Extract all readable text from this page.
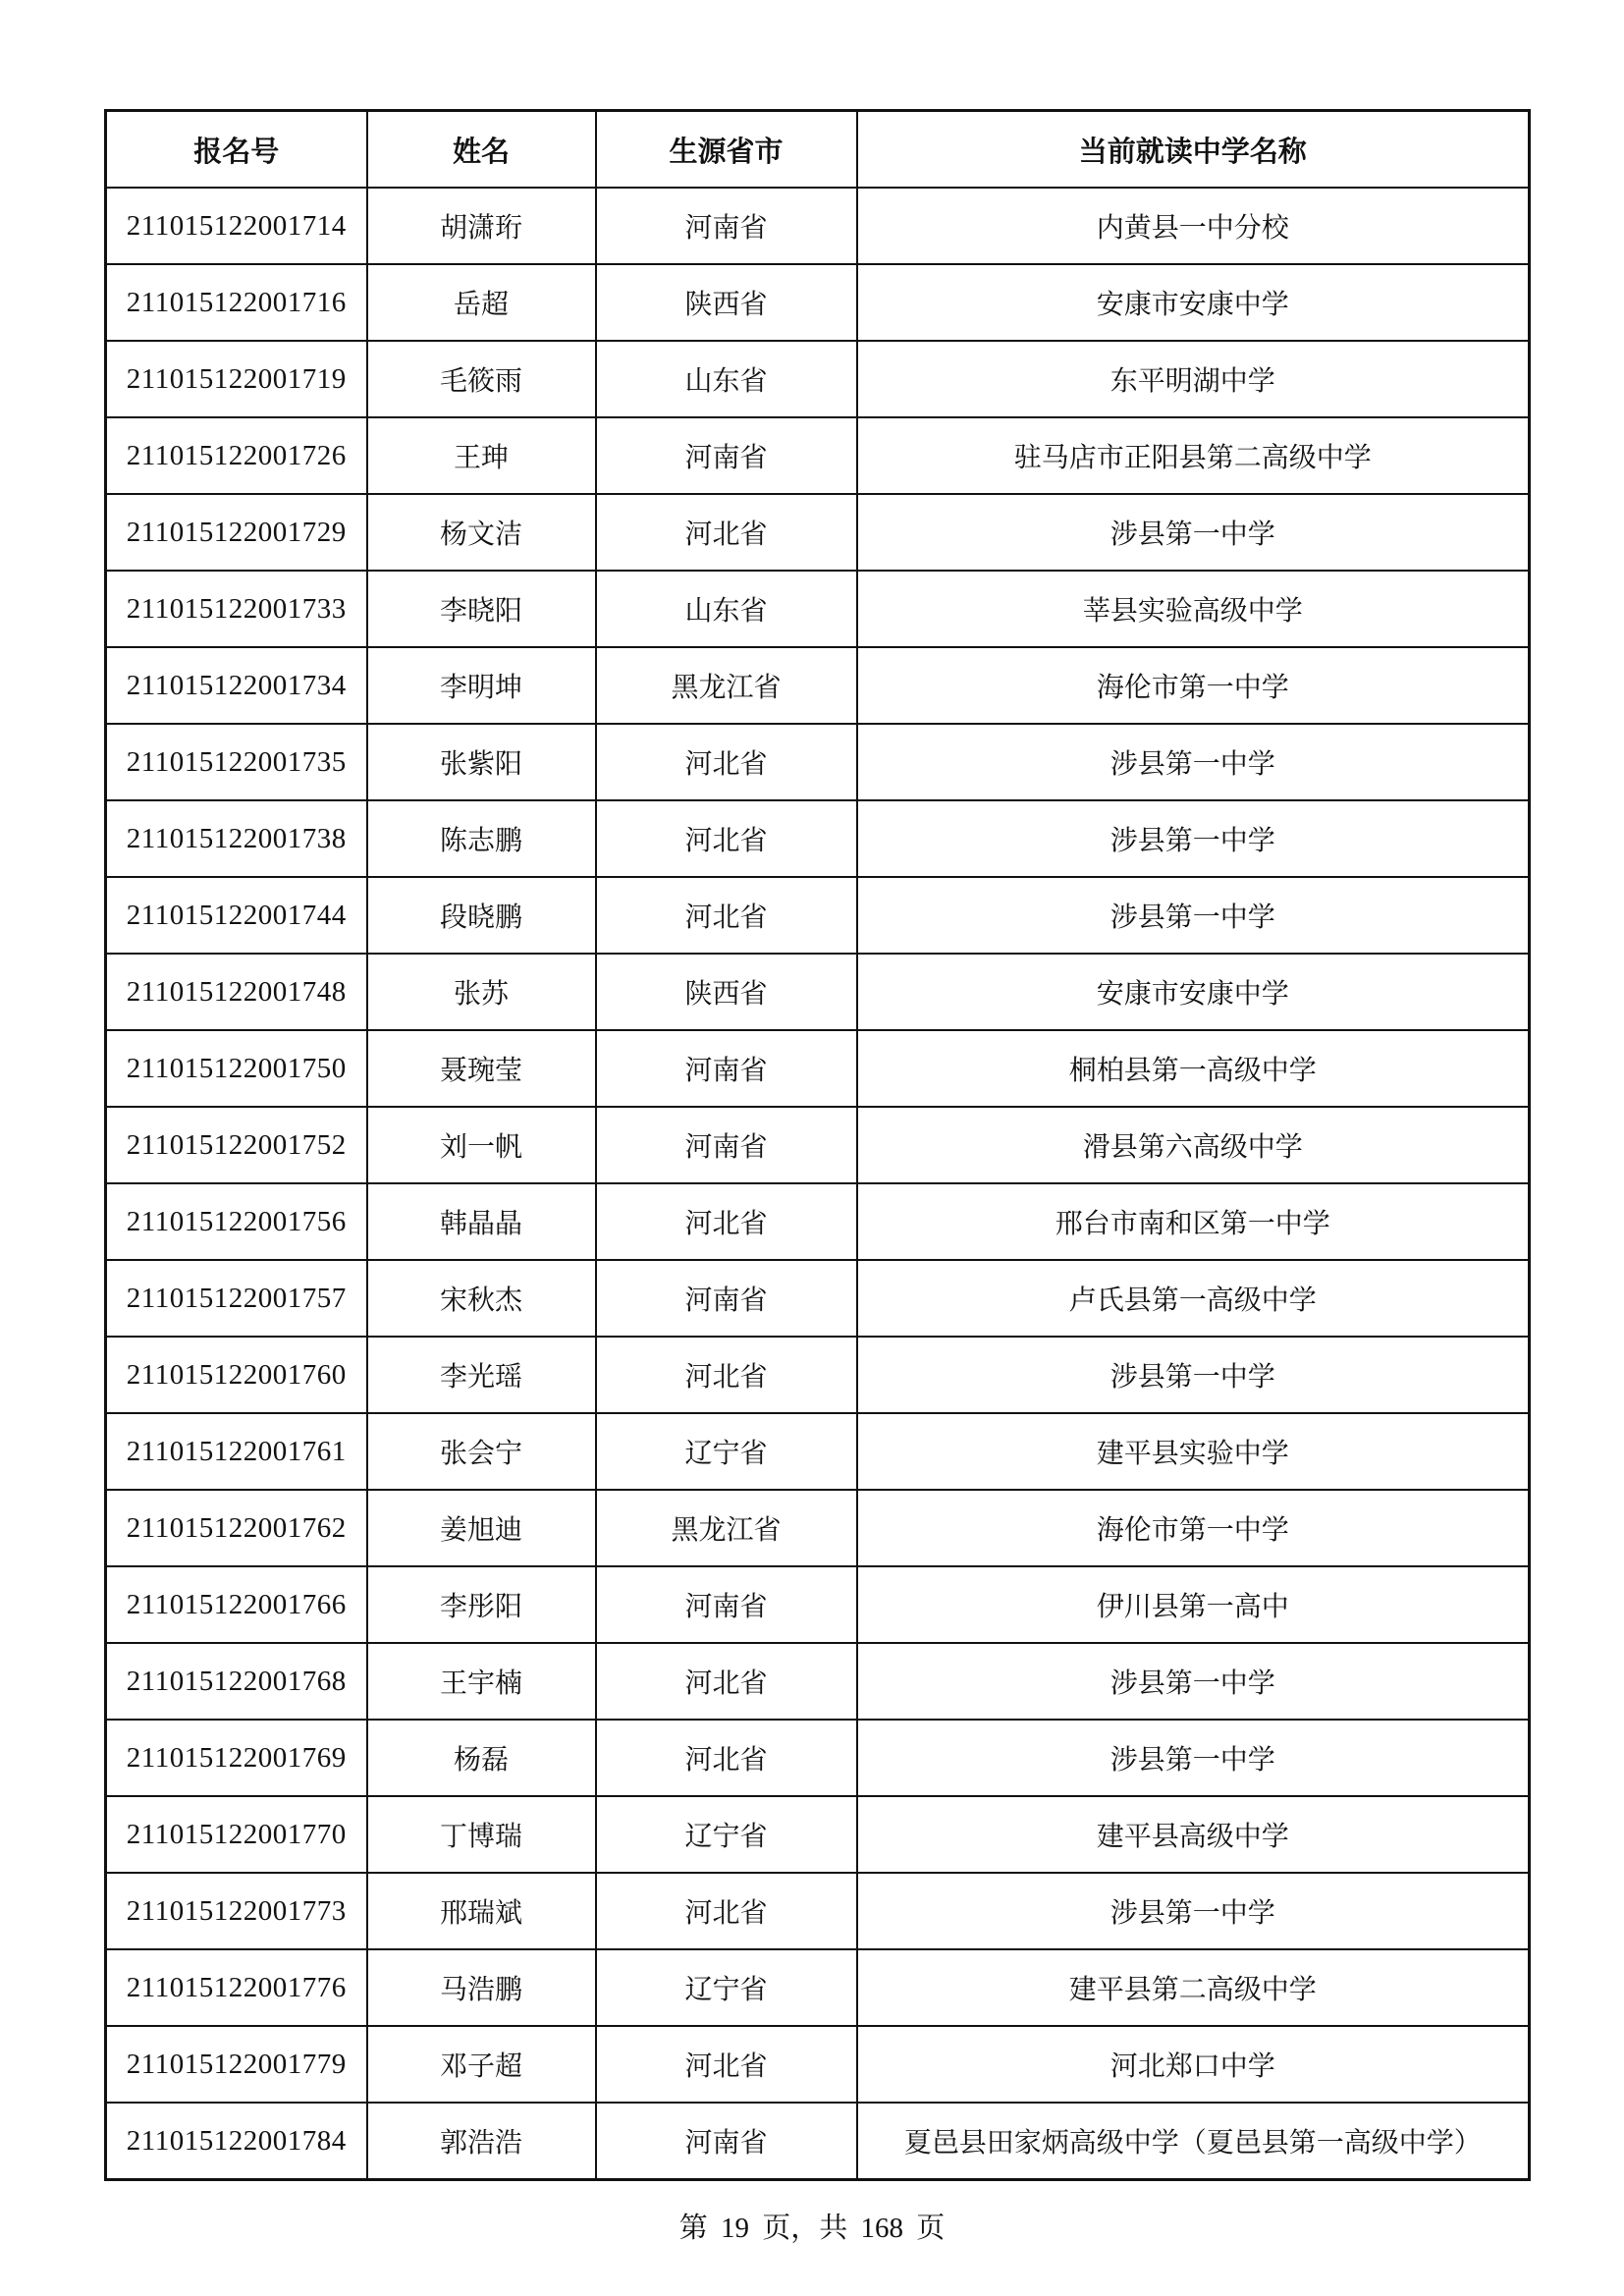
报名号	姓名	生源省市	当前就读中学名称
211015122001714	胡潇珩	河南省	内黄县一中分校
211015122001716	岳超	陕西省	安康市安康中学
211015122001719	毛筱雨	山东省	东平明湖中学
211015122001726	王珅	河南省	驻马店市正阳县第二高级中学
211015122001729	杨文洁	河北省	涉县第一中学
211015122001733	李晓阳	山东省	莘县实验高级中学
211015122001734	李明坤	黑龙江省	海伦市第一中学
211015122001735	张紫阳	河北省	涉县第一中学
211015122001738	陈志鹏	河北省	涉县第一中学
211015122001744	段晓鹏	河北省	涉县第一中学
211015122001748	张苏	陕西省	安康市安康中学
211015122001750	聂琬莹	河南省	桐柏县第一高级中学
211015122001752	刘一帆	河南省	滑县第六高级中学
211015122001756	韩晶晶	河北省	邢台市南和区第一中学
211015122001757	宋秋杰	河南省	卢氏县第一高级中学
211015122001760	李光瑶	河北省	涉县第一中学
211015122001761	张会宁	辽宁省	建平县实验中学
211015122001762	姜旭迪	黑龙江省	海伦市第一中学
211015122001766	李彤阳	河南省	伊川县第一高中
211015122001768	王宇楠	河北省	涉县第一中学
211015122001769	杨磊	河北省	涉县第一中学
211015122001770	丁博瑞	辽宁省	建平县高级中学
211015122001773	邢瑞斌	河北省	涉县第一中学
211015122001776	马浩鹏	辽宁省	建平县第二高级中学
211015122001779	邓子超	河北省	河北郑口中学
211015122001784	郭浩浩	河南省	夏邑县田家炳高级中学（夏邑县第一高级中学）
第 19 页，共 168 页
